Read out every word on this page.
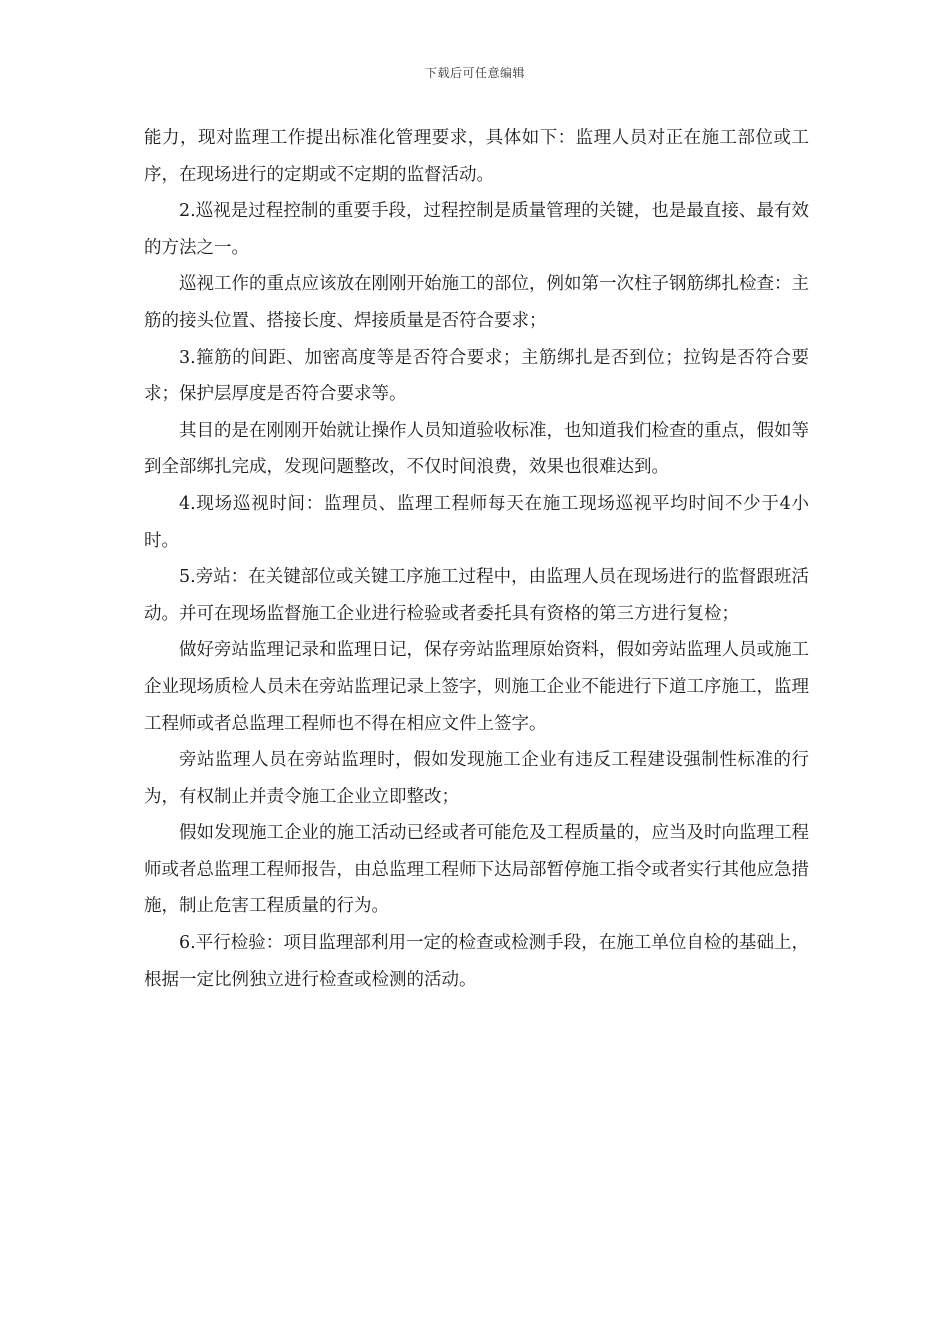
下载后可任意编辑

能力，现对监理工作提出标准化管理要求，具体如下：监理人员对正在施工部位或工序，在现场进行的定期或不定期的监督活动。

2.巡视是过程控制的重要手段，过程控制是质量管理的关键，也是最直接、最有效的方法之一。

巡视工作的重点应该放在刚刚开始施工的部位，例如第一次柱子钢筋绑扎检查：主筋的接头位置、搭接长度、焊接质量是否符合要求；

3.箍筋的间距、加密高度等是否符合要求；主筋绑扎是否到位；拉钩是否符合要求；保护层厚度是否符合要求等。

其目的是在刚刚开始就让操作人员知道验收标准，也知道我们检查的重点，假如等到全部绑扎完成，发现问题整改，不仅时间浪费，效果也很难达到。

4.现场巡视时间：监理员、监理工程师每天在施工现场巡视平均时间不少于4小时。

5.旁站：在关键部位或关键工序施工过程中，由监理人员在现场进行的监督跟班活动。并可在现场监督施工企业进行检验或者委托具有资格的第三方进行复检；

做好旁站监理记录和监理日记，保存旁站监理原始资料，假如旁站监理人员或施工企业现场质检人员未在旁站监理记录上签字，则施工企业不能进行下道工序施工，监理工程师或者总监理工程师也不得在相应文件上签字。

旁站监理人员在旁站监理时，假如发现施工企业有违反工程建设强制性标准的行为，有权制止并责令施工企业立即整改；

假如发现施工企业的施工活动已经或者可能危及工程质量的，应当及时向监理工程师或者总监理工程师报告，由总监理工程师下达局部暂停施工指令或者实行其他应急措施，制止危害工程质量的行为。

6.平行检验：项目监理部利用一定的检查或检测手段，在施工单位自检的基础上，根据一定比例独立进行检查或检测的活动。
